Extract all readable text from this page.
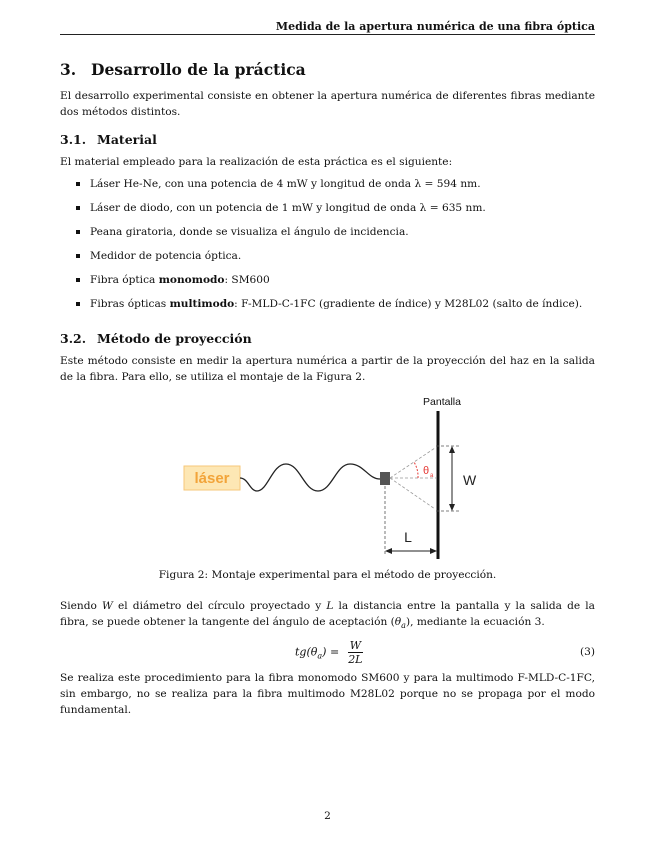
Medida de la apertura numérica de una fibra óptica
3. Desarrollo de la práctica
El desarrollo experimental consiste en obtener la apertura numérica de diferentes fibras mediante dos métodos distintos.
3.1. Material
El material empleado para la realización de esta práctica es el siguiente:
Láser He-Ne, con una potencia de 4 mW y longitud de onda λ = 594 nm.
Láser de diodo, con un potencia de 1 mW y longitud de onda λ = 635 nm.
Peana giratoria, donde se visualiza el ángulo de incidencia.
Medidor de potencia óptica.
Fibra óptica monomodo: SM600
Fibras ópticas multimodo: F-MLD-C-1FC (gradiente de índice) y M28L02 (salto de índice).
3.2. Método de proyección
Este método consiste en medir la apertura numérica a partir de la proyección del haz en la salida de la fibra. Para ello, se utiliza el montaje de la Figura 2.
láser	θ a
Pantalla
W
L
Figura 2: Montaje experimental para el método de proyección.
Siendo W el diámetro del círculo proyectado y L la distancia entre la pantalla y la salida de la fibra, se puede obtener la tangente del ángulo de aceptación $(\theta_a)$, mediante la ecuación 3.
$tg(\theta_a) = \frac{W}{2L}$	(3)
Se realiza este procedimiento para la fibra monomodo SM600 y para la multimodo F-MLD-C-1FC, sin embargo, no se realiza para la fibra multimodo M28L02 porque no se propaga por el modo fundamental.
2
